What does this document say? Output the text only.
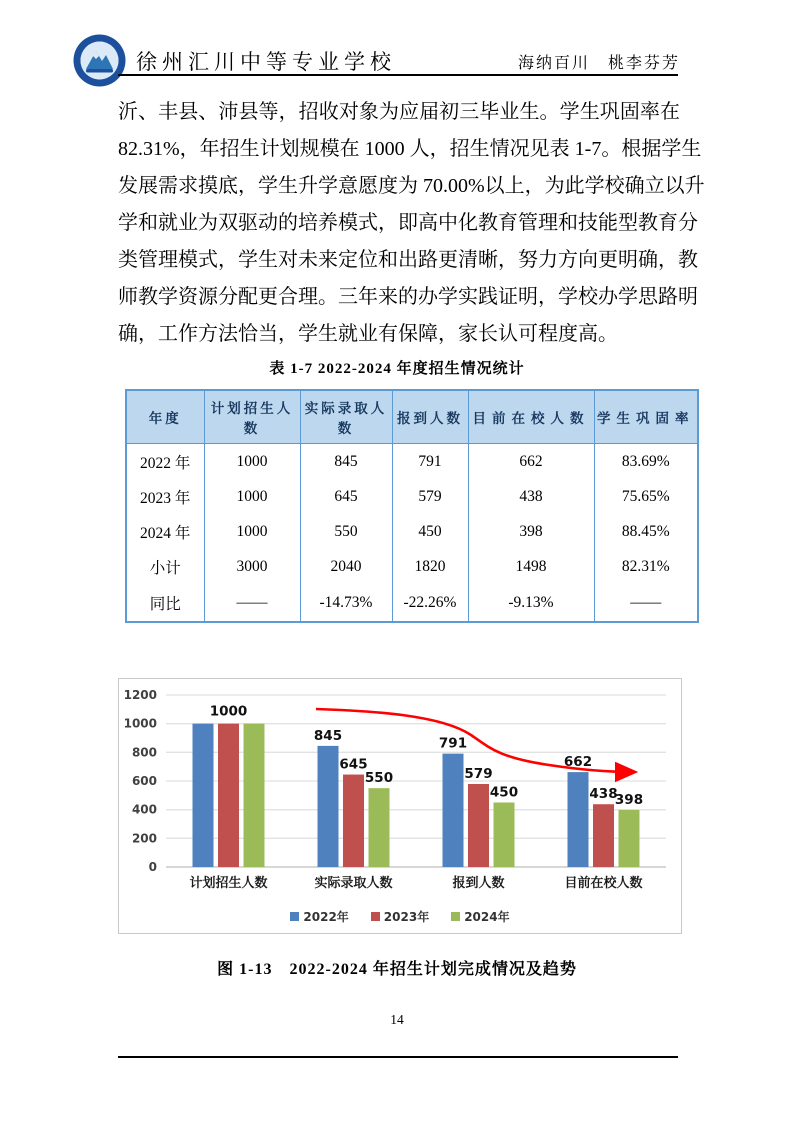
徐州汇川中等专业学校	海纳百川　桃李芬芳
沂、丰县、沛县等，招收对象为应届初三毕业生。学生巩固率在
82.31%，年招生计划规模在 1000 人，招生情况见表 1-7。根据学生
发展需求摸底，学生升学意愿度为 70.00%以上，为此学校确立以升
学和就业为双驱动的培养模式，即高中化教育管理和技能型教育分
类管理模式，学生对未来定位和出路更清晰，努力方向更明确，教
师教学资源分配更合理。三年来的办学实践证明，学校办学思路明
确，工作方法恰当，学生就业有保障，家长认可程度高。
表 1-7 2022-2024 年度招生情况统计
年度	计划招生人数	实际录取人数	报到人数	目前在校人数	学生巩固率
2022 年	1000	845	791	662	83.69%
2023 年	1000	645	579	438	75.65%
2024 年	1000	550	450	398	88.45%
小计	3000	2040	1820	1498	82.31%
同比	——	-14.73%	-22.26%	-9.13%	——
0
200
400
600
800
1000
1200
1000
计划招生人数
845
645
550
实际录取人数
791
579
450
报到人数
662
438
398
目前在校人数
2022年	2023年	2024年
图 1-13　2022-2024 年招生计划完成情况及趋势
14
